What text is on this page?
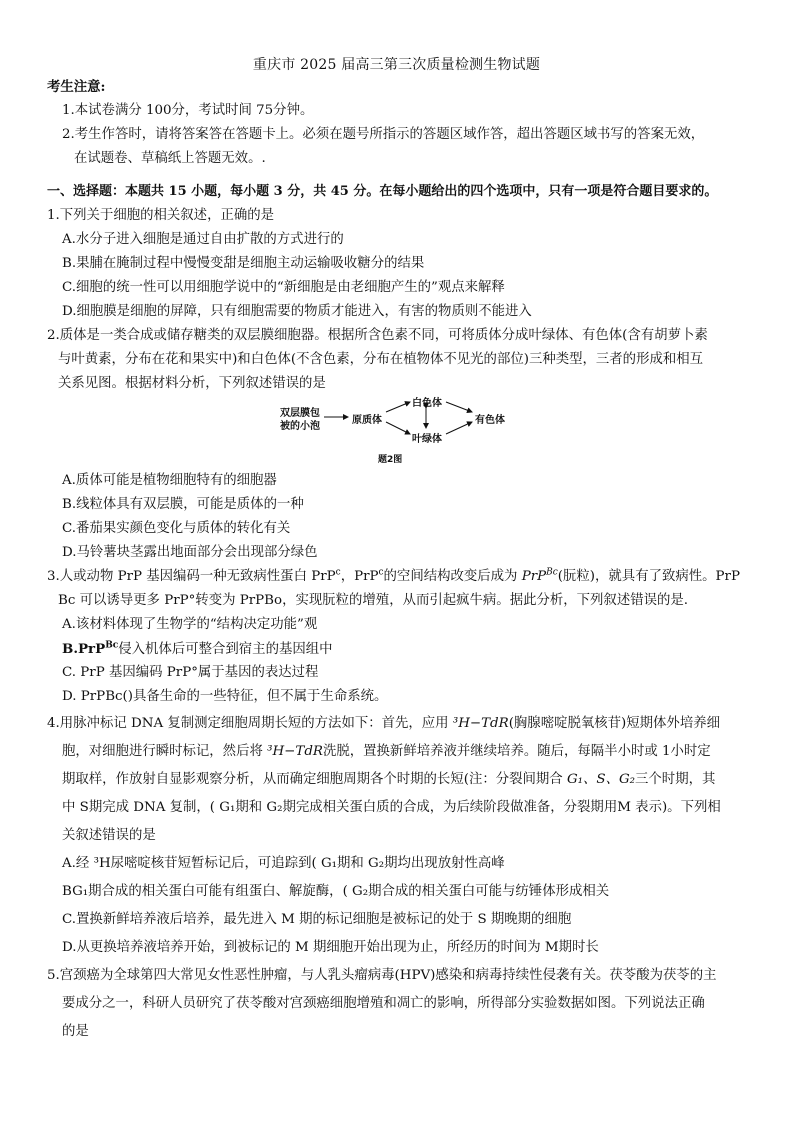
重庆市 2025 届高三第三次质量检测生物试题
考生注意:
1.本试卷满分 100分，考试时间 75分钟。
2.考生作答时，请将答案答在答题卡上。必须在题号所指示的答题区域作答，超出答题区域书写的答案无效，
在试题卷、草稿纸上答题无效。.
一、选择题：本题共 15 小题，每小题 3 分，共 45 分。在每小题给出的四个选项中，只有一项是符合题目要求的。
1.下列关于细胞的相关叙述，正确的是
A.水分子进入细胞是通过自由扩散的方式进行的
B.果脯在腌制过程中慢慢变甜是细胞主动运输吸收糖分的结果
C.细胞的统一性可以用细胞学说中的“新细胞是由老细胞产生的”观点来解释
D.细胞膜是细胞的屏障，只有细胞需要的物质才能进入，有害的物质则不能进入
2.质体是一类合成或储存糖类的双层膜细胞器。根据所含色素不同，可将质体分成叶绿体、有色体(含有胡萝卜素
与叶黄素，分布在花和果实中)和白色体(不含色素，分布在植物体不见光的部位)三种类型，三者的形成和相互
关系见图。根据材料分析，下列叙述错误的是
双层膜包
被的小泡
原质体
白色体
叶绿体
有色体
题2图
A.质体可能是植物细胞特有的细胞器
B.线粒体具有双层膜，可能是质体的一种
C.番茄果实颜色变化与质体的转化有关
D.马铃薯块茎露出地面部分会出现部分绿色
3.人或动物 PrP 基因编码一种无致病性蛋白 PrP$^c$，PrP$^c$的空间结构改变后成为 PrP$^{Bc}$(朊粒)，就具有了致病性。PrP
Bc 可以诱导更多 PrP°转变为 PrPBo，实现朊粒的增殖，从而引起疯牛病。据此分析，下列叙述错误的是.
A.该材料体现了生物学的“结构决定功能”观
B.PrP$^{Bc}$侵入机体后可整合到宿主的基因组中
C. PrP 基因编码 PrP°属于基因的表达过程
D. PrPBc()具备生命的一些特征，但不属于生命系统。
4.用脉冲标记 DNA 复制测定细胞周期长短的方法如下：首先，应用 ³H−TdR(胸腺嘧啶脱氧核苷)短期体外培养细
胞，对细胞进行瞬时标记，然后将 ³H−TdR洗脱，置换新鲜培养液并继续培养。随后，每隔半小时或 1小时定
期取样，作放射自显影观察分析，从而确定细胞周期各个时期的长短(注：分裂间期合 G₁、S、G₂三个时期，其
中 S期完成 DNA 复制，( G₁期和 G₂期完成相关蛋白质的合成，为后续阶段做准备，分裂期用M 表示)。下列相
关叙述错误的是
A.经 ³H尿嘧啶核苷短暂标记后，可追踪到( G₁期和 G₂期均出现放射性高峰
BG₁期合成的相关蛋白可能有组蛋白、解旋酶，( G₂期合成的相关蛋白可能与纺锤体形成相关
C.置换新鲜培养液后培养，最先进入 M 期的标记细胞是被标记的处于 S 期晚期的细胞
D.从更换培养液培养开始，到被标记的 M 期细胞开始出现为止，所经历的时间为 M期时长
5.宫颈癌为全球第四大常见女性恶性肿瘤，与人乳头瘤病毒(HPV)感染和病毒持续性侵袭有关。茯苓酸为茯苓的主
要成分之一，科研人员研究了茯苓酸对宫颈癌细胞增殖和凋亡的影响，所得部分实验数据如图。下列说法正确
的是
